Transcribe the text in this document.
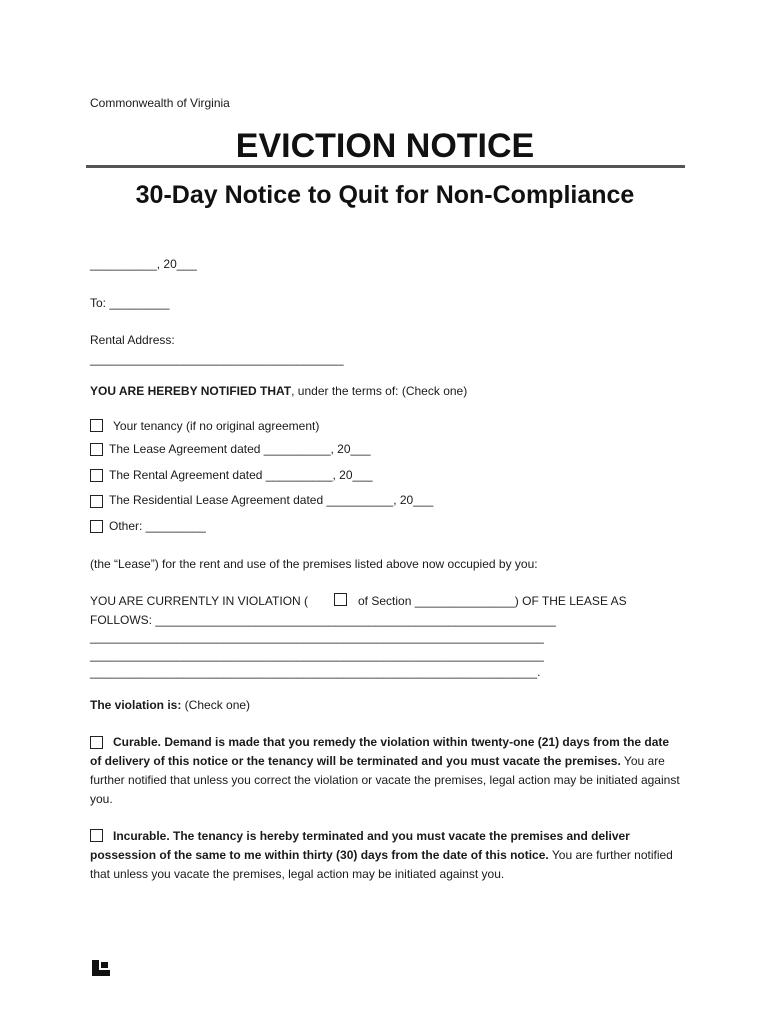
Commonwealth of Virginia
EVICTION NOTICE
30-Day Notice to Quit for Non-Compliance
__________, 20___
To: _________
Rental Address:
______________________________________
YOU ARE HEREBY NOTIFIED THAT, under the terms of: (Check one)
Your tenancy (if no original agreement)
The Lease Agreement dated __________, 20___
The Rental Agreement dated __________, 20___
The Residential Lease Agreement dated __________, 20___
Other: _________
(the “Lease”) for the rent and use of the premises listed above now occupied by you:
YOU ARE CURRENTLY IN VIOLATION (	of Section _______________) OF THE LEASE AS
FOLLOWS: ____________________________________________________________
____________________________________________________________________
____________________________________________________________________
___________________________________________________________________.
The violation is: (Check one)
Curable. Demand is made that you remedy the violation within twenty-one (21) days from the date of delivery of this notice or the tenancy will be terminated and you must vacate the premises. You are further notified that unless you correct the violation or vacate the premises, legal action may be initiated against you.
Incurable. The tenancy is hereby terminated and you must vacate the premises and deliver possession of the same to me within thirty (30) days from the date of this notice. You are further notified that unless you vacate the premises, legal action may be initiated against you.
